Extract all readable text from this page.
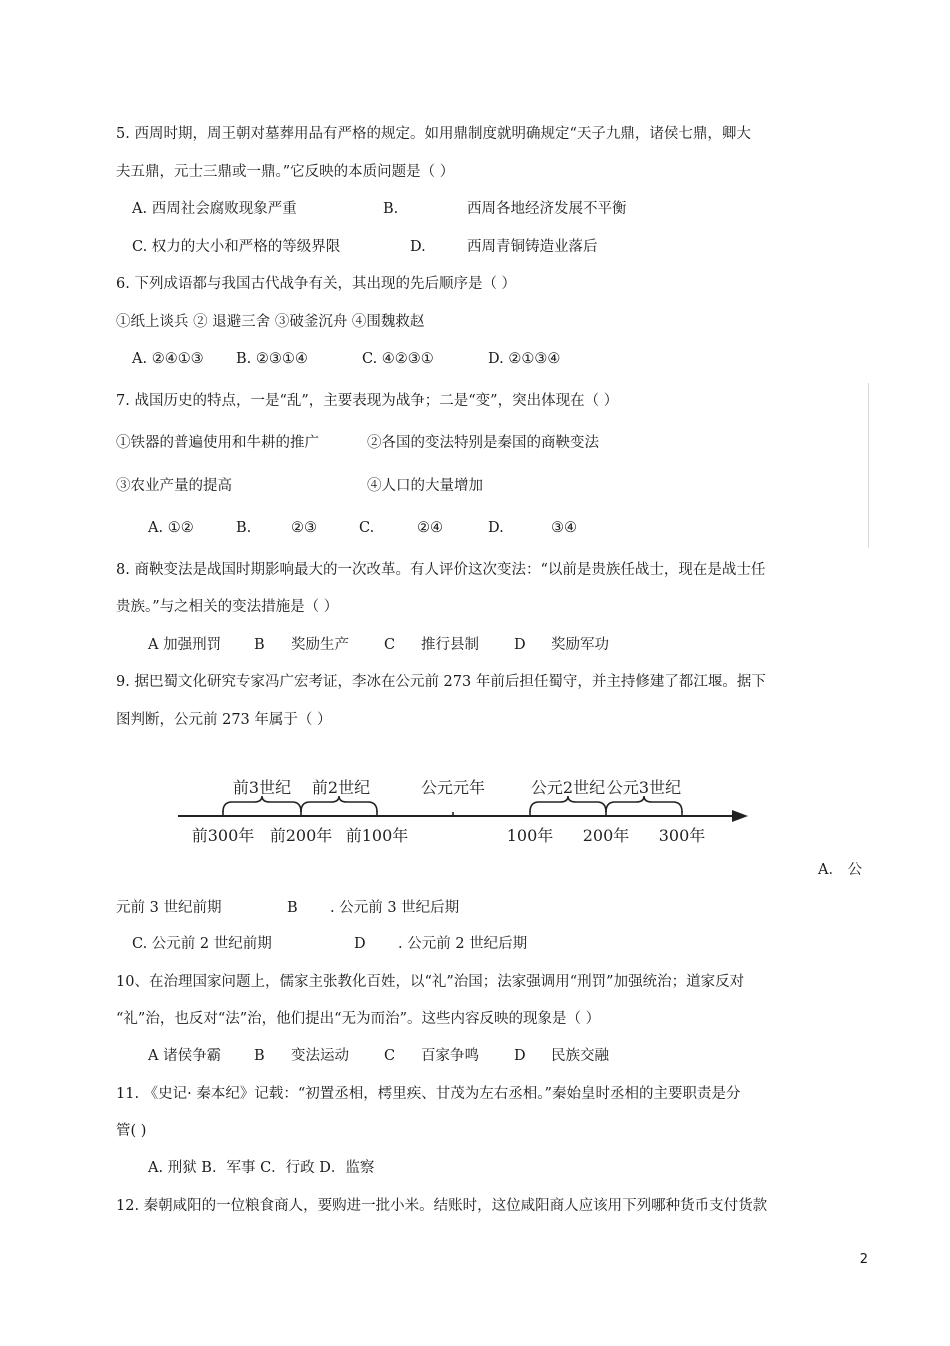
5. 西周时期，周王朝对墓葬用品有严格的规定。如用鼎制度就明确规定“天子九鼎，诸侯七鼎，卿大
夫五鼎，元士三鼎或一鼎。”它反映的本质问题是（ ）
A. 西周社会腐败现象严重	B.	西周各地经济发展不平衡
C. 权力的大小和严格的等级界限	D.	西周青铜铸造业落后
6. 下列成语都与我国古代战争有关，其出现的先后顺序是（ ）
①纸上谈兵 ② 退避三舍 ③破釜沉舟 ④围魏救赵
A. ②④①③ B. ②③①④	C. ④②③①	D. ②①③④
7. 战国历史的特点，一是“乱”，主要表现为战争；二是“变”，突出体现在（ ）
①铁器的普遍使用和牛耕的推广	②各国的变法特别是秦国的商鞅变法
③农业产量的提高	④人口的大量增加
A. ①②	B.	②③	C.	②④	D.	③④
8. 商鞅变法是战国时期影响最大的一次改革。有人评价这次变法：“以前是贵族任战士，现在是战士任
贵族。”与之相关的变法措施是（ ）
A 加强刑罚 B 奖励生产 C 推行县制 D 奖励军功
9. 据巴蜀文化研究专家冯广宏考证，李冰在公元前 273 年前后担任蜀守，并主持修建了都江堰。据下
图判断，公元前 273 年属于（ ）
前3世纪 前2世纪	公元元年	公元2世纪 公元3世纪
前300年 前200年 前100年	100年 200年 300年
A． 公
元前 3 世纪前期	B . 公元前 3 世纪后期
C. 公元前 2 世纪前期	D . 公元前 2 世纪后期
10、在治理国家问题上，儒家主张教化百姓，以“礼”治国；法家强调用“刑罚”加强统治；道家反对
“礼”治，也反对“法”治，他们提出“无为而治”。这些内容反映的现象是（ ）
A 诸侯争霸 B 变法运动 C 百家争鸣 D 民族交融
11. 《史记· 秦本纪》记载：“初置丞相，樗里疾、甘茂为左右丞相。”秦始皇时丞相的主要职责是分
管( )
A. 刑狱 B．军事 C．行政 D．监察
12. 秦朝咸阳的一位粮食商人，要购进一批小米。结账时，这位咸阳商人应该用下列哪种货币支付货款
2
